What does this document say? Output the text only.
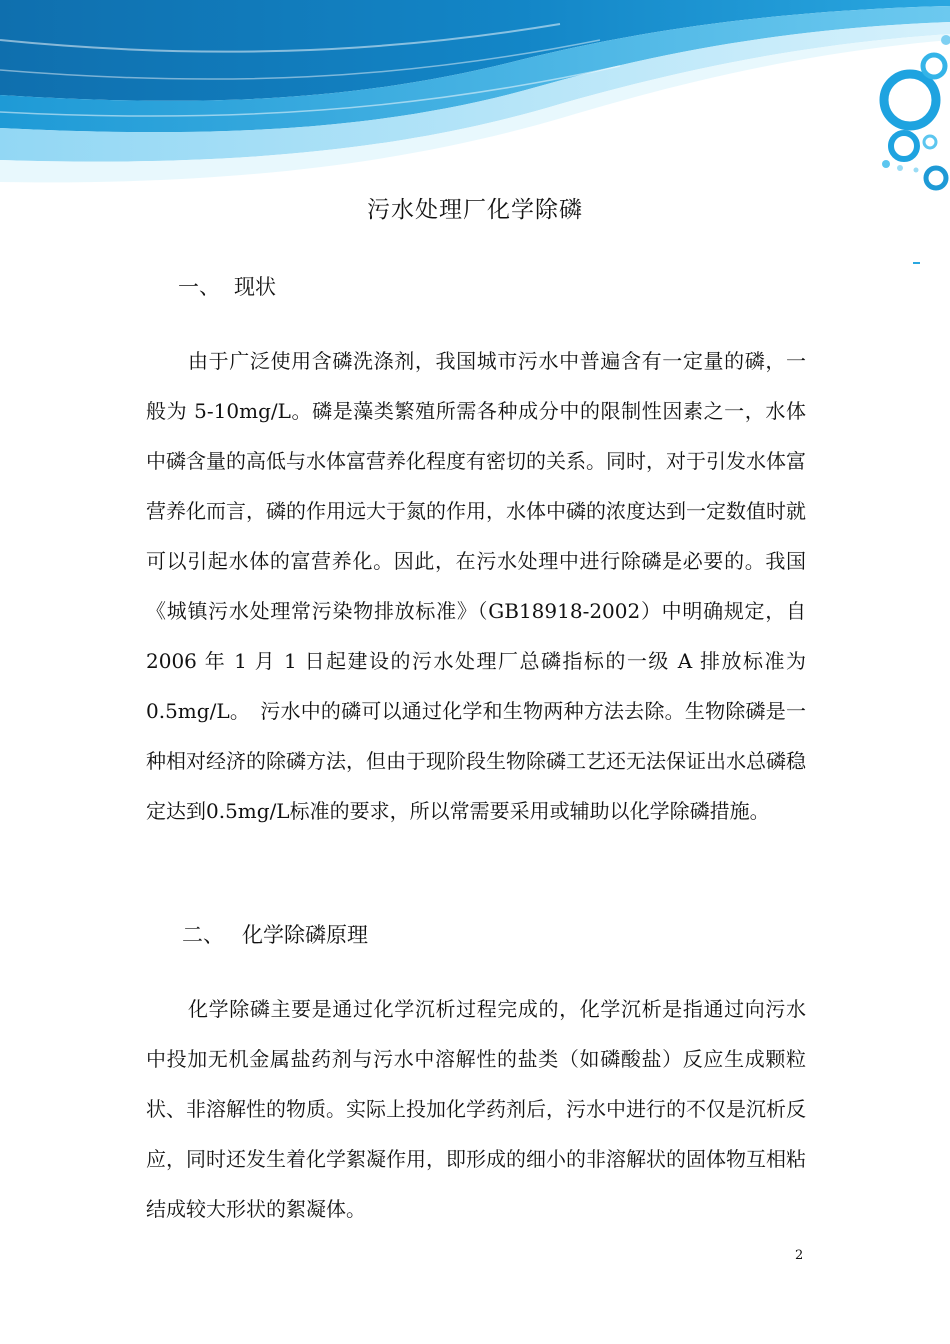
污水处理厂化学除磷
一、 现状

由于广泛使用含磷洗涤剂，我国城市污水中普遍含有一定量的磷，一般为 5-10mg/L。磷是藻类繁殖所需各种成分中的限制性因素之一，水体中磷含量的高低与水体富营养化程度有密切的关系。同时，对于引发水体富营养化而言，磷的作用远大于氮的作用，水体中磷的浓度达到一定数值时就可以引起水体的富营养化。因此，在污水处理中进行除磷是必要的。我国《城镇污水处理常污染物排放标准》（GB18918-2002）中明确规定，自 2006 年 1 月 1 日起建设的污水处理厂总磷指标的一级 A 排放标准为 0.5mg/L。　污水中的磷可以通过化学和生物两种方法去除。生物除磷是一种相对经济的除磷方法，但由于现阶段生物除磷工艺还无法保证出水总磷稳定达到0.5mg/L标准的要求，所以常需要采用或辅助以化学除磷措施。

二、 化学除磷原理

化学除磷主要是通过化学沉析过程完成的，化学沉析是指通过向污水中投加无机金属盐药剂与污水中溶解性的盐类（如磷酸盐）反应生成颗粒状、非溶解性的物质。实际上投加化学药剂后，污水中进行的不仅是沉析反应，同时还发生着化学絮凝作用，即形成的细小的非溶解状的固体物互相粘结成较大形状的絮凝体。

2
